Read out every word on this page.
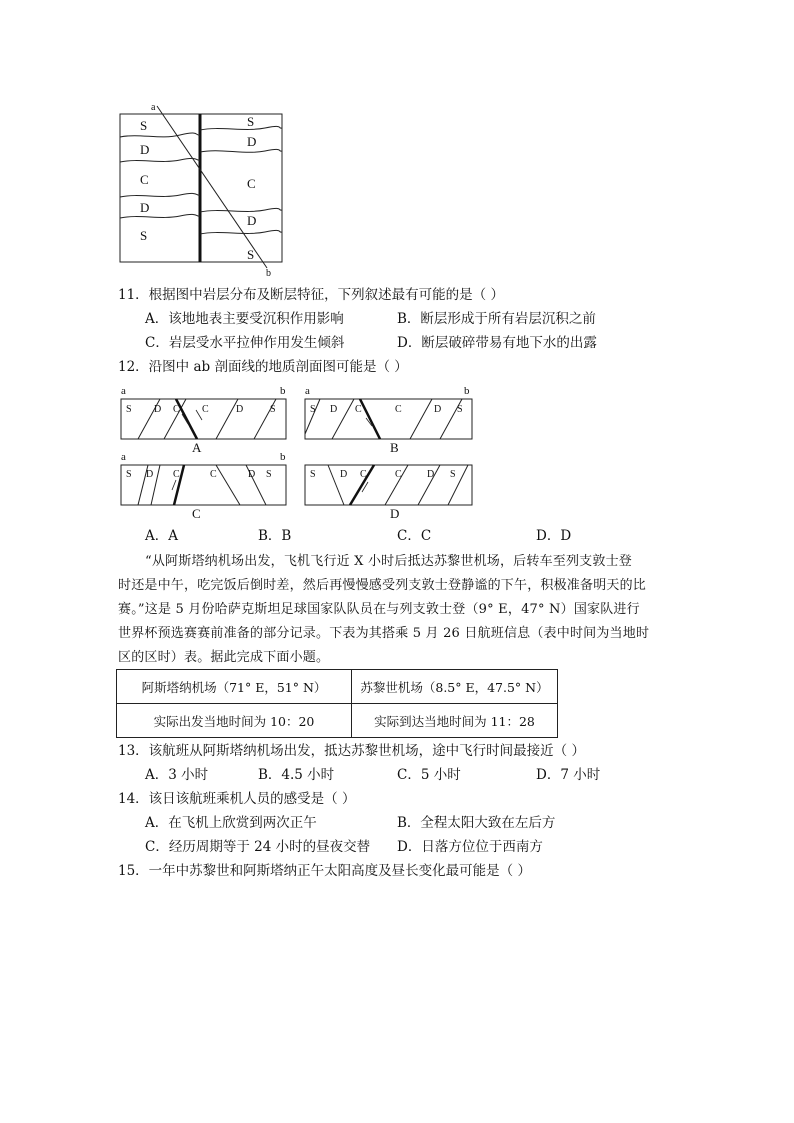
a
b
S
D
C
D
S
S
D
C
D
S
11．根据图中岩层分布及断层特征，下列叙述最有可能的是（ ）
A．该地地表主要受沉积作用影响	B．断层形成于所有岩层沉积之前
C．岩层受水平拉伸作用发生倾斜	D．断层破碎带易有地下水的出露
12．沿图中 ab 剖面线的地质剖面图可能是（ ）
a	b
S D C C	D	S
A
a	b
S D C	C	D S
B
a	b
S D C	C	D S
C
S D C	C	D S
D
A．A	B．B	C．C	D．D
“从阿斯塔纳机场出发，飞机飞行近 X 小时后抵达苏黎世机场，后转车至列支敦士登
时还是中午，吃完饭后倒时差，然后再慢慢感受列支敦士登静谧的下午，积极准备明天的比
赛。”这是 5 月份哈萨克斯坦足球国家队队员在与列支敦士登（9° E，47° N）国家队进行
世界杯预选赛赛前准备的部分记录。下表为其搭乘 5 月 26 日航班信息（表中时间为当地时
区的区时）表。据此完成下面小题。
阿斯塔纳机场（71° E，51° N）	苏黎世机场（8.5° E，47.5° N）
实际出发当地时间为 10：20	实际到达当地时间为 11：28
13．该航班从阿斯塔纳机场出发，抵达苏黎世机场，途中飞行时间最接近（ ）
A．3 小时	B．4.5 小时	C．5 小时	D．7 小时
14．该日该航班乘机人员的感受是（ ）
A．在飞机上欣赏到两次正午	B．全程太阳大致在左后方
C．经历周期等于 24 小时的昼夜交替 D．日落方位位于西南方
15．一年中苏黎世和阿斯塔纳正午太阳高度及昼长变化最可能是（ ）
